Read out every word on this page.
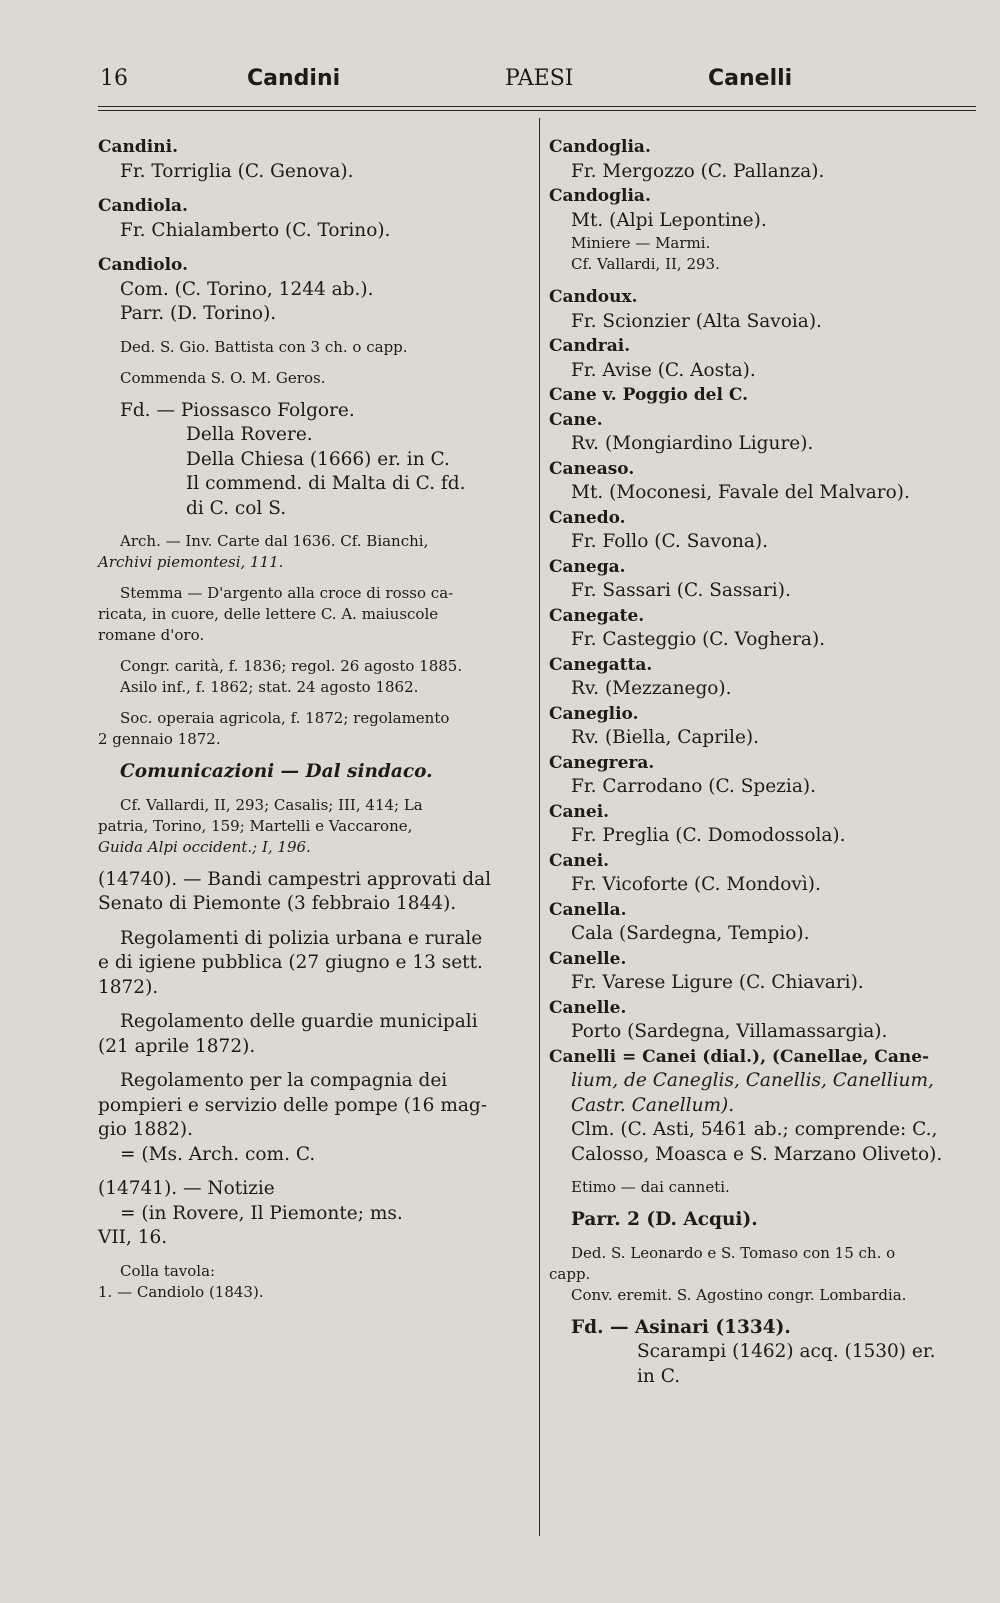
16	Candini	PAESI	Canelli
Candini.
Fr. Torriglia (C. Genova).
Candiola.
Fr. Chialamberto (C. Torino).
Candiolo.
Com. (C. Torino, 1244 ab.).
Parr. (D. Torino).
Ded. S. Gio. Battista con 3 ch. o capp.
Commenda S. O. M. Geros.
Fd. — Piossasco Folgore.
Della Rovere.
Della Chiesa (1666) er. in C.
Il commend. di Malta di C. fd.
di C. col S.
Arch. — Inv. Carte dal 1636. Cf. Bianchi,
Archivi piemontesi, 111.
Stemma — D'argento alla croce di rosso ca-
ricata, in cuore, delle lettere C. A. maiuscole
romane d'oro.
Congr. carità, f. 1836; regol. 26 agosto 1885.
Asilo inf., f. 1862; stat. 24 agosto 1862.
Soc. operaia agricola, f. 1872; regolamento
2 gennaio 1872.
Comunicazioni — Dal sindaco.
Cf. Vallardi, II, 293; Casalis; III, 414; La
patria, Torino, 159; Martelli e Vaccarone,
Guida Alpi occident.; I, 196.
(14740). — Bandi campestri approvati dal
Senato di Piemonte (3 febbraio 1844).
Regolamenti di polizia urbana e rurale
e di igiene pubblica (27 giugno e 13 sett.
1872).
Regolamento delle guardie municipali
(21 aprile 1872).
Regolamento per la compagnia dei
pompieri e servizio delle pompe (16 mag-
gio 1882).
= (Ms. Arch. com. C.
(14741). — Notizie
= (in Rovere, Il Piemonte; ms.
VII, 16.
Colla tavola:
1. — Candiolo (1843).
Candoglia.
Fr. Mergozzo (C. Pallanza).
Candoglia.
Mt. (Alpi Lepontine).
Miniere — Marmi.
Cf. Vallardi, II, 293.
Candoux.
Fr. Scionzier (Alta Savoia).
Candrai.
Fr. Avise (C. Aosta).
Cane v. Poggio del C.
Cane.
Rv. (Mongiardino Ligure).
Caneaso.
Mt. (Moconesi, Favale del Malvaro).
Canedo.
Fr. Follo (C. Savona).
Canega.
Fr. Sassari (C. Sassari).
Canegate.
Fr. Casteggio (C. Voghera).
Canegatta.
Rv. (Mezzanego).
Caneglio.
Rv. (Biella, Caprile).
Canegrera.
Fr. Carrodano (C. Spezia).
Canei.
Fr. Preglia (C. Domodossola).
Canei.
Fr. Vicoforte (C. Mondovì).
Canella.
Cala (Sardegna, Tempio).
Canelle.
Fr. Varese Ligure (C. Chiavari).
Canelle.
Porto (Sardegna, Villamassargia).
Canelli = Canei (dial.), (Canellae, Cane-
lium, de Caneglis, Canellis, Canellium,
Castr. Canellum).
Clm. (C. Asti, 5461 ab.; comprende: C.,
Calosso, Moasca e S. Marzano Oliveto).
Etimo — dai canneti.
Parr. 2 (D. Acqui).
Ded. S. Leonardo e S. Tomaso con 15 ch. o
capp.
Conv. eremit. S. Agostino congr. Lombardia.
Fd. — Asinari (1334).
Scarampi (1462) acq. (1530) er.
in C.
